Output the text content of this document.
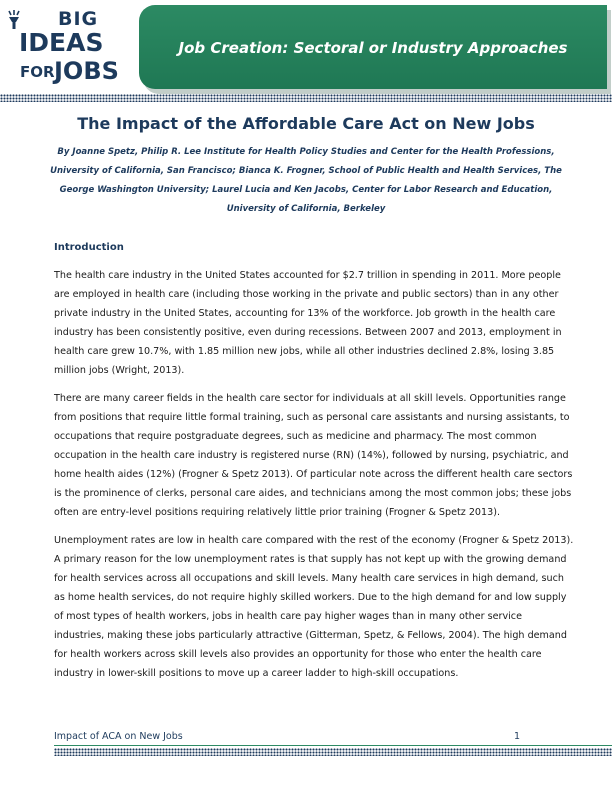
BIG
IDEAS
FOR JOBS
Job Creation: Sectoral or Industry Approaches
The Impact of the Affordable Care Act on New Jobs
By Joanne Spetz, Philip R. Lee Institute for Health Policy Studies and Center for the Health Professions, University of California, San Francisco; Bianca K. Frogner, School of Public Health and Health Services, The George Washington University; Laurel Lucia and Ken Jacobs, Center for Labor Research and Education, University of California, Berkeley
Introduction
The health care industry in the United States accounted for $2.7 trillion in spending in 2011. More people are employed in health care (including those working in the private and public sectors) than in any other private industry in the United States, accounting for 13% of the workforce. Job growth in the health care industry has been consistently positive, even during recessions. Between 2007 and 2013, employment in health care grew 10.7%, with 1.85 million new jobs, while all other industries declined 2.8%, losing 3.85 million jobs (Wright, 2013).
There are many career fields in the health care sector for individuals at all skill levels. Opportunities range from positions that require little formal training, such as personal care assistants and nursing assistants, to occupations that require postgraduate degrees, such as medicine and pharmacy. The most common occupation in the health care industry is registered nurse (RN) (14%), followed by nursing, psychiatric, and home health aides (12%) (Frogner & Spetz 2013). Of particular note across the different health care sectors is the prominence of clerks, personal care aides, and technicians among the most common jobs; these jobs often are entry-level positions requiring relatively little prior training (Frogner & Spetz 2013).
Unemployment rates are low in health care compared with the rest of the economy (Frogner & Spetz 2013). A primary reason for the low unemployment rates is that supply has not kept up with the growing demand for health services across all occupations and skill levels. Many health care services in high demand, such as home health services, do not require highly skilled workers. Due to the high demand for and low supply of most types of health workers, jobs in health care pay higher wages than in many other service industries, making these jobs particularly attractive (Gitterman, Spetz, & Fellows, 2004). The high demand for health workers across skill levels also provides an opportunity for those who enter the health care industry in lower-skill positions to move up a career ladder to high-skill occupations.
Impact of ACA on New Jobs	1
